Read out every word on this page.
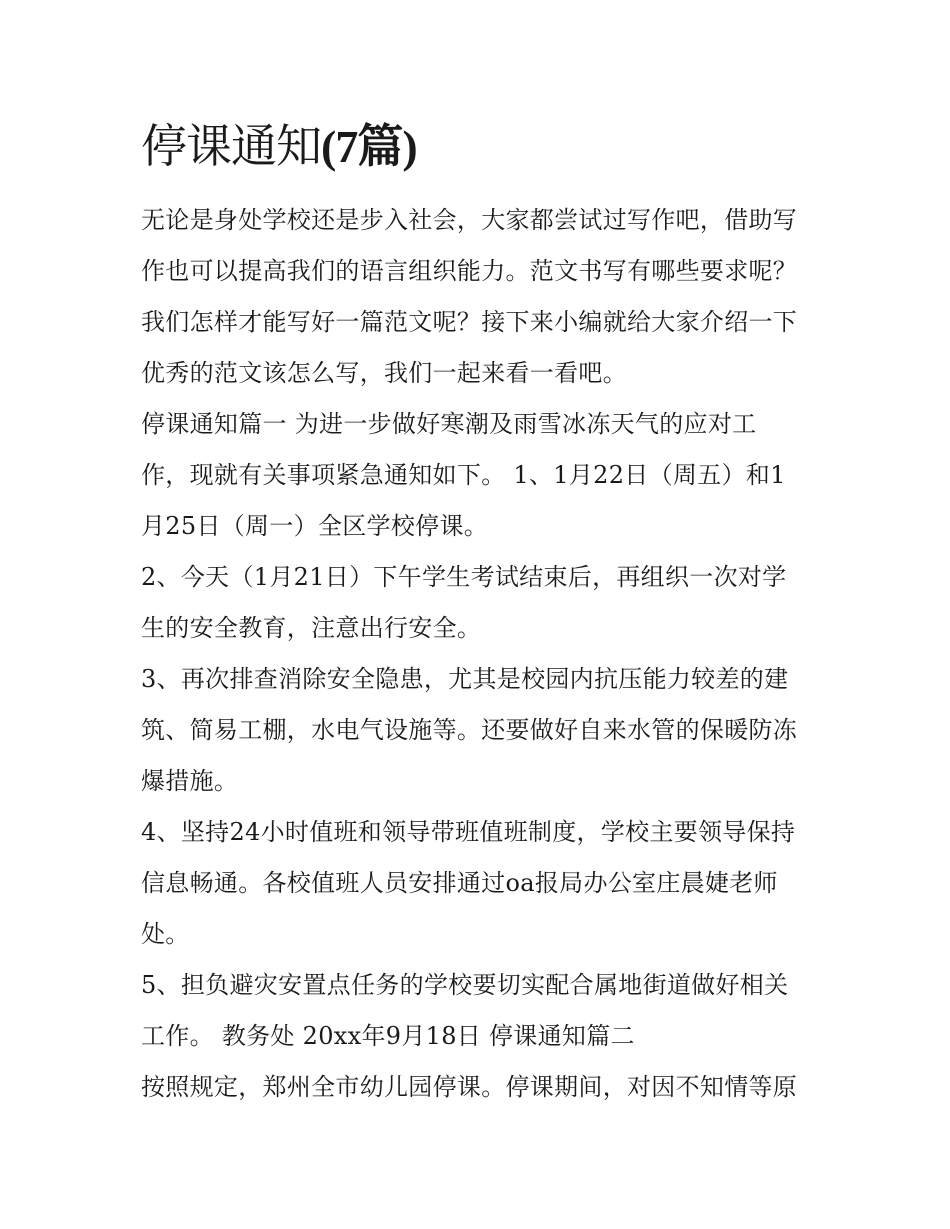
停课通知(7篇)
无论是身处学校还是步入社会，大家都尝试过写作吧，借助写
作也可以提高我们的语言组织能力。范文书写有哪些要求呢？
我们怎样才能写好一篇范文呢？接下来小编就给大家介绍一下
优秀的范文该怎么写，我们一起来看一看吧。
停课通知篇一 为进一步做好寒潮及雨雪冰冻天气的应对工
作，现就有关事项紧急通知如下。 1、1月22日（周五）和1
月25日（周一）全区学校停课。
2、今天（1月21日）下午学生考试结束后，再组织一次对学
生的安全教育，注意出行安全。
3、再次排查消除安全隐患，尤其是校园内抗压能力较差的建
筑、简易工棚，水电气设施等。还要做好自来水管的保暖防冻
爆措施。
4、坚持24小时值班和领导带班值班制度，学校主要领导保持
信息畅通。各校值班人员安排通过oa报局办公室庄晨婕老师
处。
5、担负避灾安置点任务的学校要切实配合属地街道做好相关
工作。 教务处 20xx年9月18日 停课通知篇二
按照规定，郑州全市幼儿园停课。停课期间，对因不知情等原
